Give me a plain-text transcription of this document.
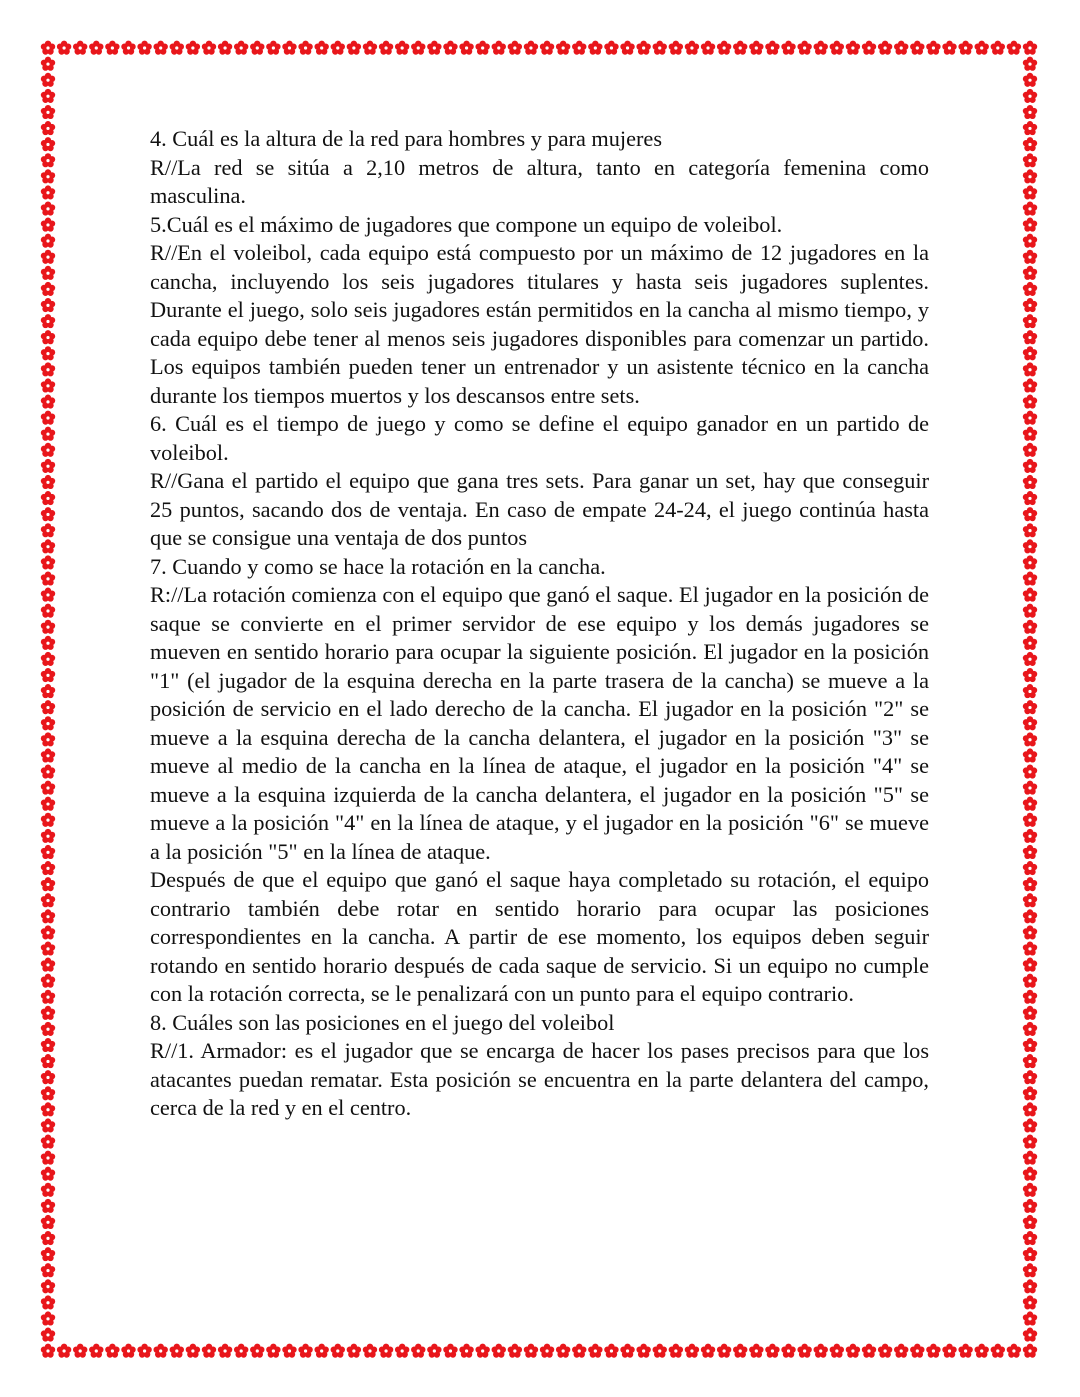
4. Cuál es la altura de la red para hombres y para mujeres

R//La red se sitúa a 2,10 metros de altura, tanto en categoría femenina como masculina.

5.Cuál es el máximo de jugadores que compone un equipo de voleibol.

R//En el voleibol, cada equipo está compuesto por un máximo de 12 jugadores en la cancha, incluyendo los seis jugadores titulares y hasta seis jugadores suplentes. Durante el juego, solo seis jugadores están permitidos en la cancha al mismo tiempo, y cada equipo debe tener al menos seis jugadores disponibles para comenzar un partido. Los equipos también pueden tener un entrenador y un asistente técnico en la cancha durante los tiempos muertos y los descansos entre sets.

6. Cuál es el tiempo de juego y como se define el equipo ganador en un partido de voleibol.

R//Gana el partido el equipo que gana tres sets. Para ganar un set, hay que conseguir 25 puntos, sacando dos de ventaja. En caso de empate 24-24, el juego continúa hasta que se consigue una ventaja de dos puntos

7. Cuando y como se hace la rotación en la cancha.

R://La rotación comienza con el equipo que ganó el saque. El jugador en la posición de saque se convierte en el primer servidor de ese equipo y los demás jugadores se mueven en sentido horario para ocupar la siguiente posición. El jugador en la posición "1" (el jugador de la esquina derecha en la parte trasera de la cancha) se mueve a la posición de servicio en el lado derecho de la cancha. El jugador en la posición "2" se mueve a la esquina derecha de la cancha delantera, el jugador en la posición "3" se mueve al medio de la cancha en la línea de ataque, el jugador en la posición "4" se mueve a la esquina izquierda de la cancha delantera, el jugador en la posición "5" se mueve a la posición "4" en la línea de ataque, y el jugador en la posición "6" se mueve a la posición "5" en la línea de ataque.

Después de que el equipo que ganó el saque haya completado su rotación, el equipo contrario también debe rotar en sentido horario para ocupar las posiciones correspondientes en la cancha. A partir de ese momento, los equipos deben seguir rotando en sentido horario después de cada saque de servicio. Si un equipo no cumple con la rotación correcta, se le penalizará con un punto para el equipo contrario.

8. Cuáles son las posiciones en el juego del voleibol

R//1. Armador: es el jugador que se encarga de hacer los pases precisos para que los atacantes puedan rematar. Esta posición se encuentra en la parte delantera del campo, cerca de la red y en el centro.
